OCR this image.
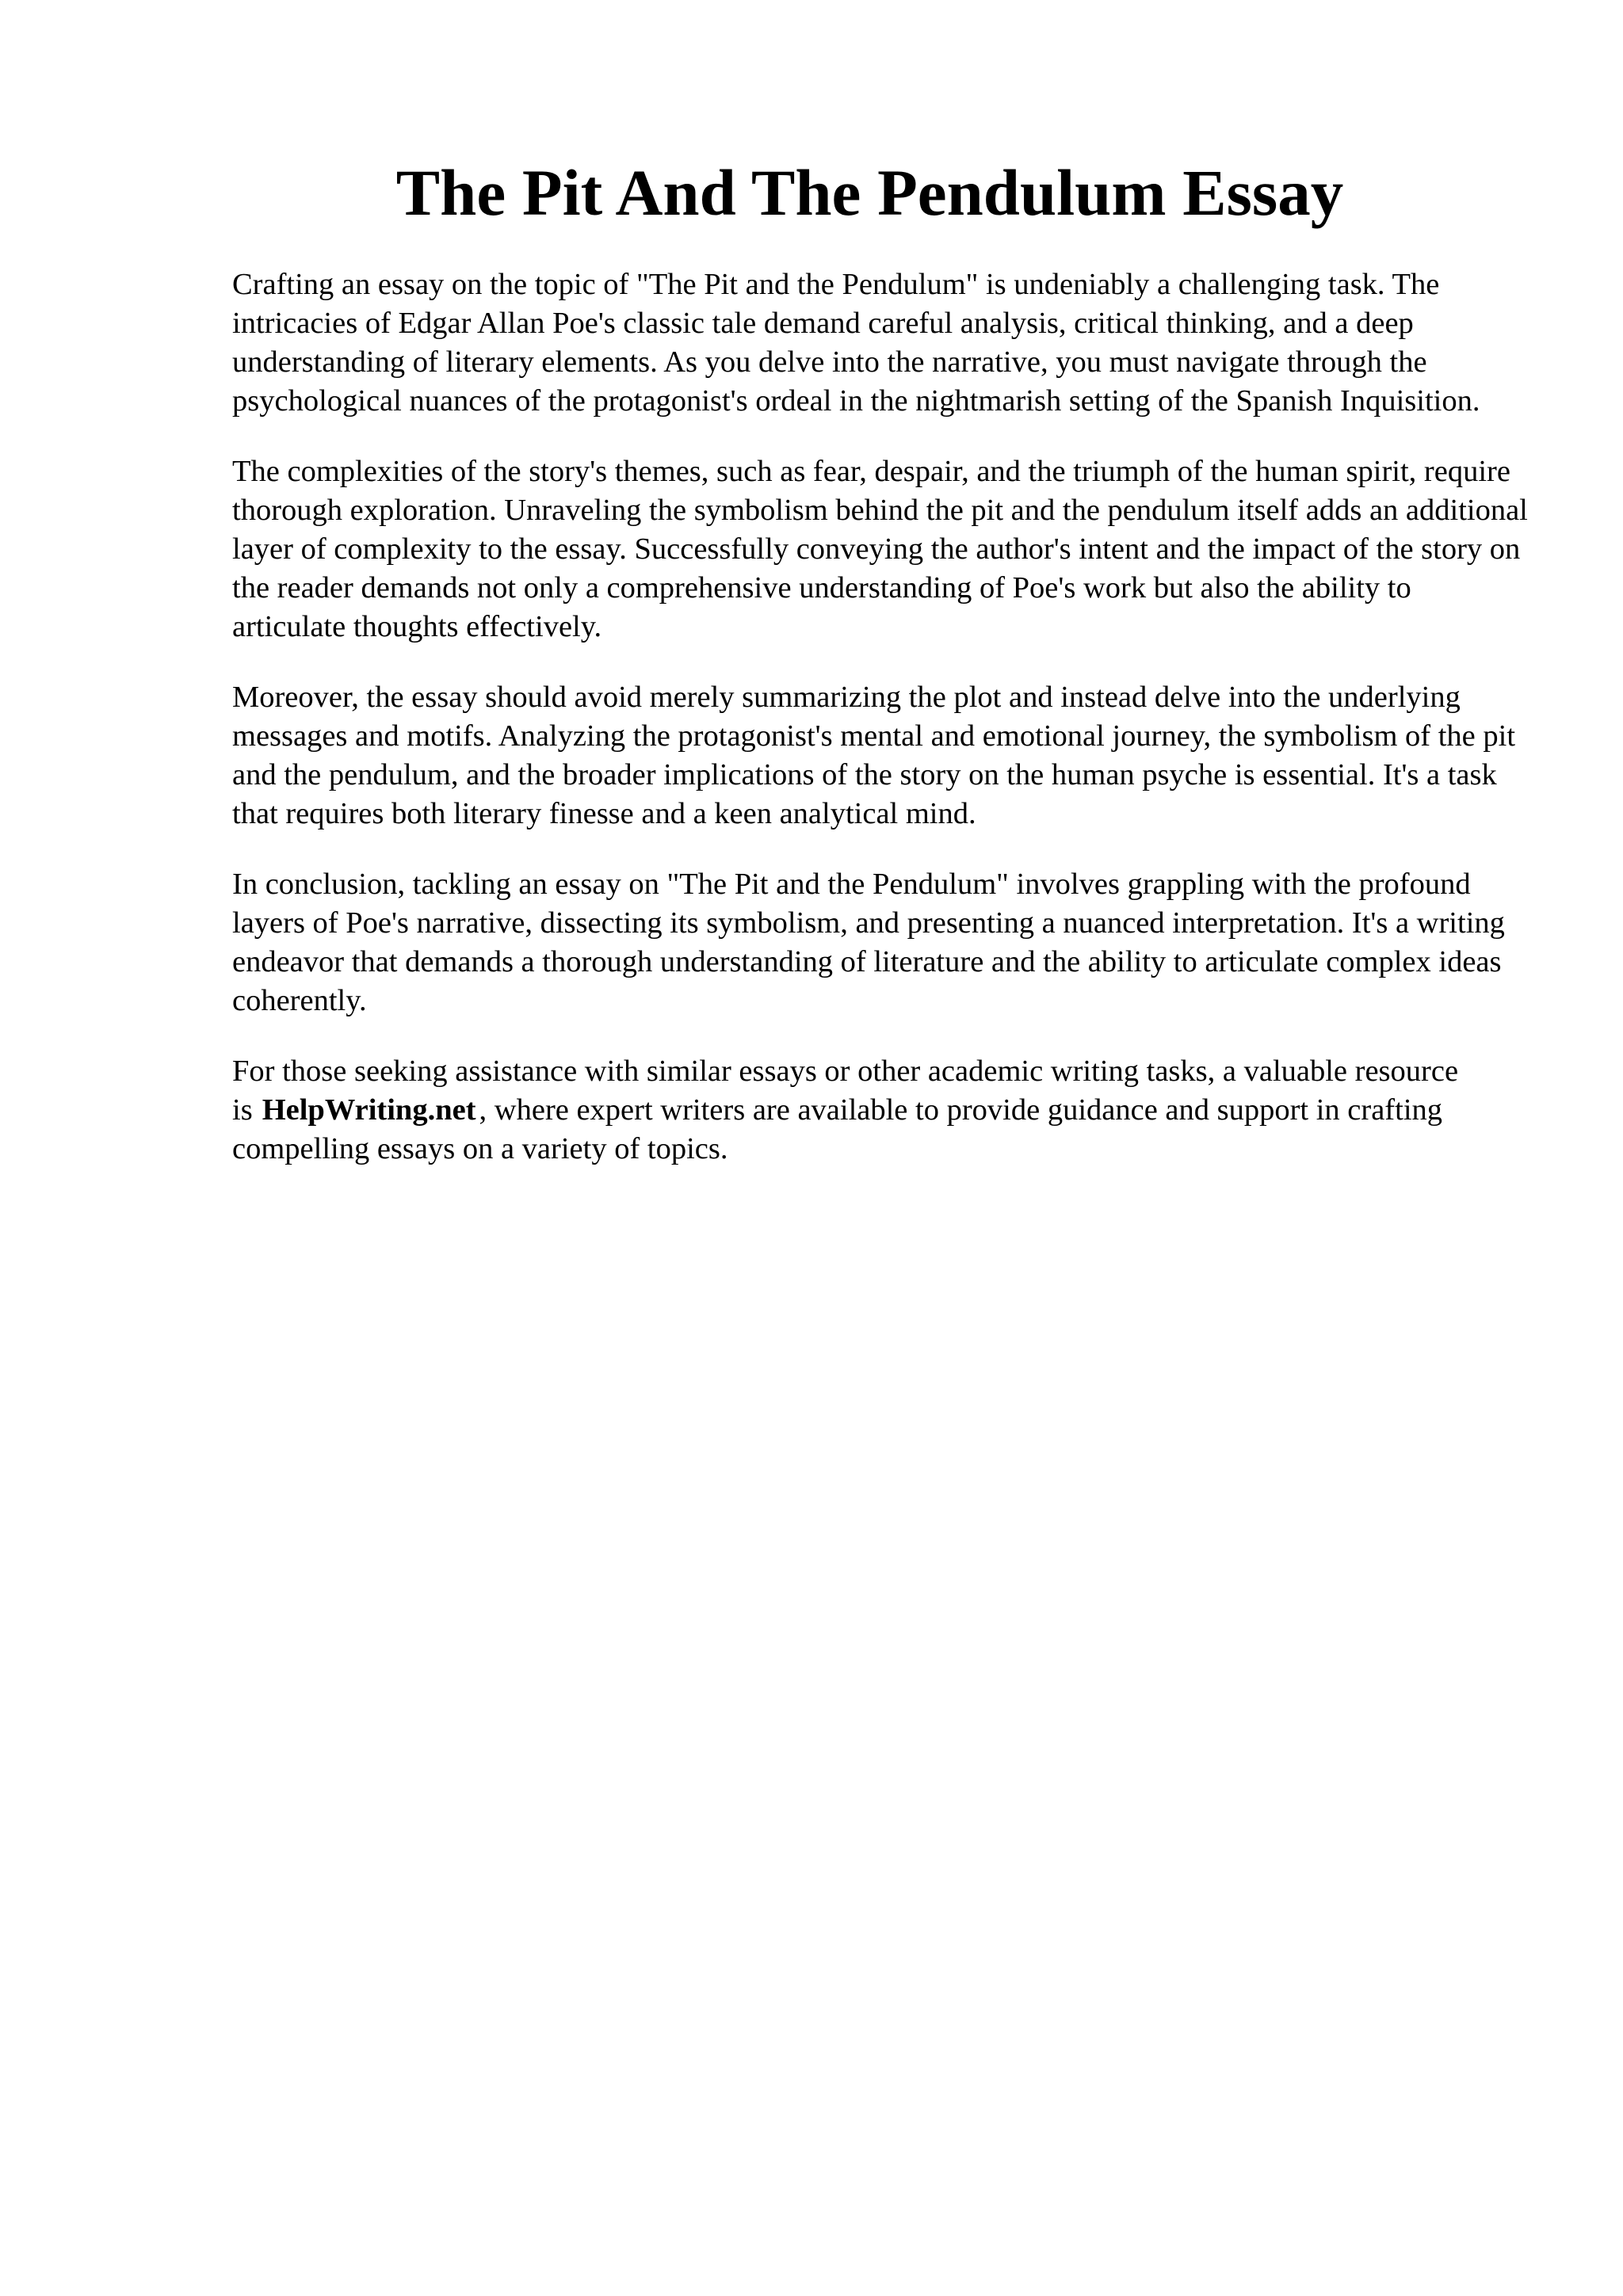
The Pit And The Pendulum Essay

Crafting an essay on the topic of "The Pit and the Pendulum" is undeniably a challenging task. The intricacies of Edgar Allan Poe's classic tale demand careful analysis, critical thinking, and a deep understanding of literary elements. As you delve into the narrative, you must navigate through the psychological nuances of the protagonist's ordeal in the nightmarish setting of the Spanish Inquisition.

The complexities of the story's themes, such as fear, despair, and the triumph of the human spirit, require thorough exploration. Unraveling the symbolism behind the pit and the pendulum itself adds an additional layer of complexity to the essay. Successfully conveying the author's intent and the impact of the story on the reader demands not only a comprehensive understanding of Poe's work but also the ability to articulate thoughts effectively.

Moreover, the essay should avoid merely summarizing the plot and instead delve into the underlying messages and motifs. Analyzing the protagonist's mental and emotional journey, the symbolism of the pit and the pendulum, and the broader implications of the story on the human psyche is essential. It's a task that requires both literary finesse and a keen analytical mind.

In conclusion, tackling an essay on "The Pit and the Pendulum" involves grappling with the profound layers of Poe's narrative, dissecting its symbolism, and presenting a nuanced interpretation. It's a writing endeavor that demands a thorough understanding of literature and the ability to articulate complex ideas coherently.

For those seeking assistance with similar essays or other academic writing tasks, a valuable resource is HelpWriting.net , where expert writers are available to provide guidance and support in crafting compelling essays on a variety of topics.
